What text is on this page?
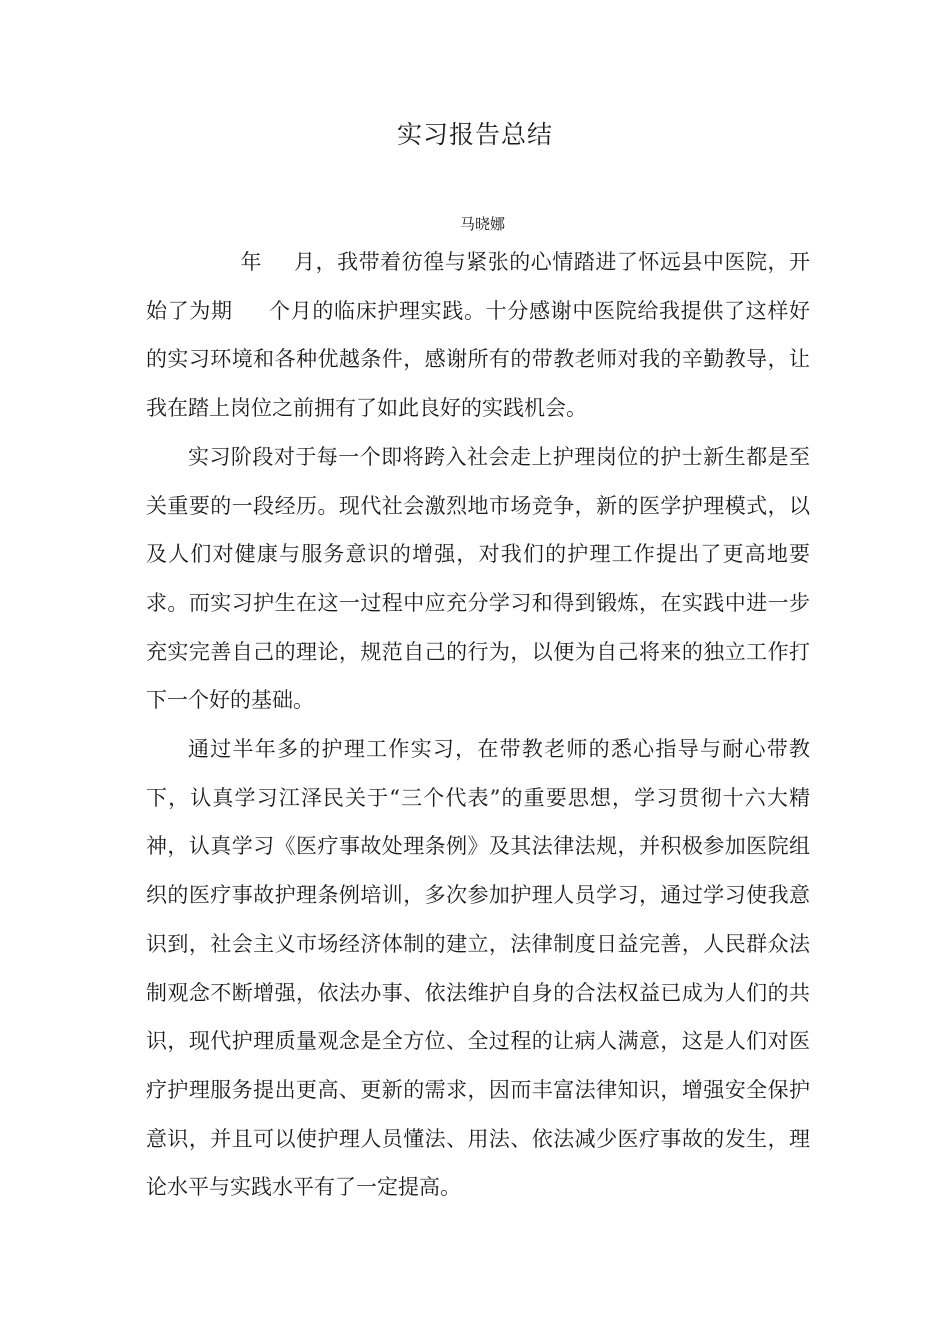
实习报告总结
马晓娜

年 月，我带着彷徨与紧张的心情踏进了怀远县中医院，开始了为期 个月的临床护理实践。十分感谢中医院给我提供了这样好的实习环境和各种优越条件，感谢所有的带教老师对我的辛勤教导，让我在踏上岗位之前拥有了如此良好的实践机会。

实习阶段对于每一个即将跨入社会走上护理岗位的护士新生都是至关重要的一段经历。现代社会激烈地市场竞争，新的医学护理模式，以及人们对健康与服务意识的增强，对我们的护理工作提出了更高地要求。而实习护生在这一过程中应充分学习和得到锻炼，在实践中进一步充实完善自己的理论，规范自己的行为，以便为自己将来的独立工作打下一个好的基础。

通过半年多的护理工作实习，在带教老师的悉心指导与耐心带教下，认真学习江泽民关于“三个代表”的重要思想，学习贯彻十六大精神，认真学习《医疗事故处理条例》及其法律法规，并积极参加医院组织的医疗事故护理条例培训，多次参加护理人员学习，通过学习使我意识到，社会主义市场经济体制的建立，法律制度日益完善，人民群众法制观念不断增强，依法办事、依法维护自身的合法权益已成为人们的共识，现代护理质量观念是全方位、全过程的让病人满意，这是人们对医疗护理服务提出更高、更新的需求，因而丰富法律知识，增强安全保护意识，并且可以使护理人员懂法、用法、依法减少医疗事故的发生，理论水平与实践水平有了一定提高。
